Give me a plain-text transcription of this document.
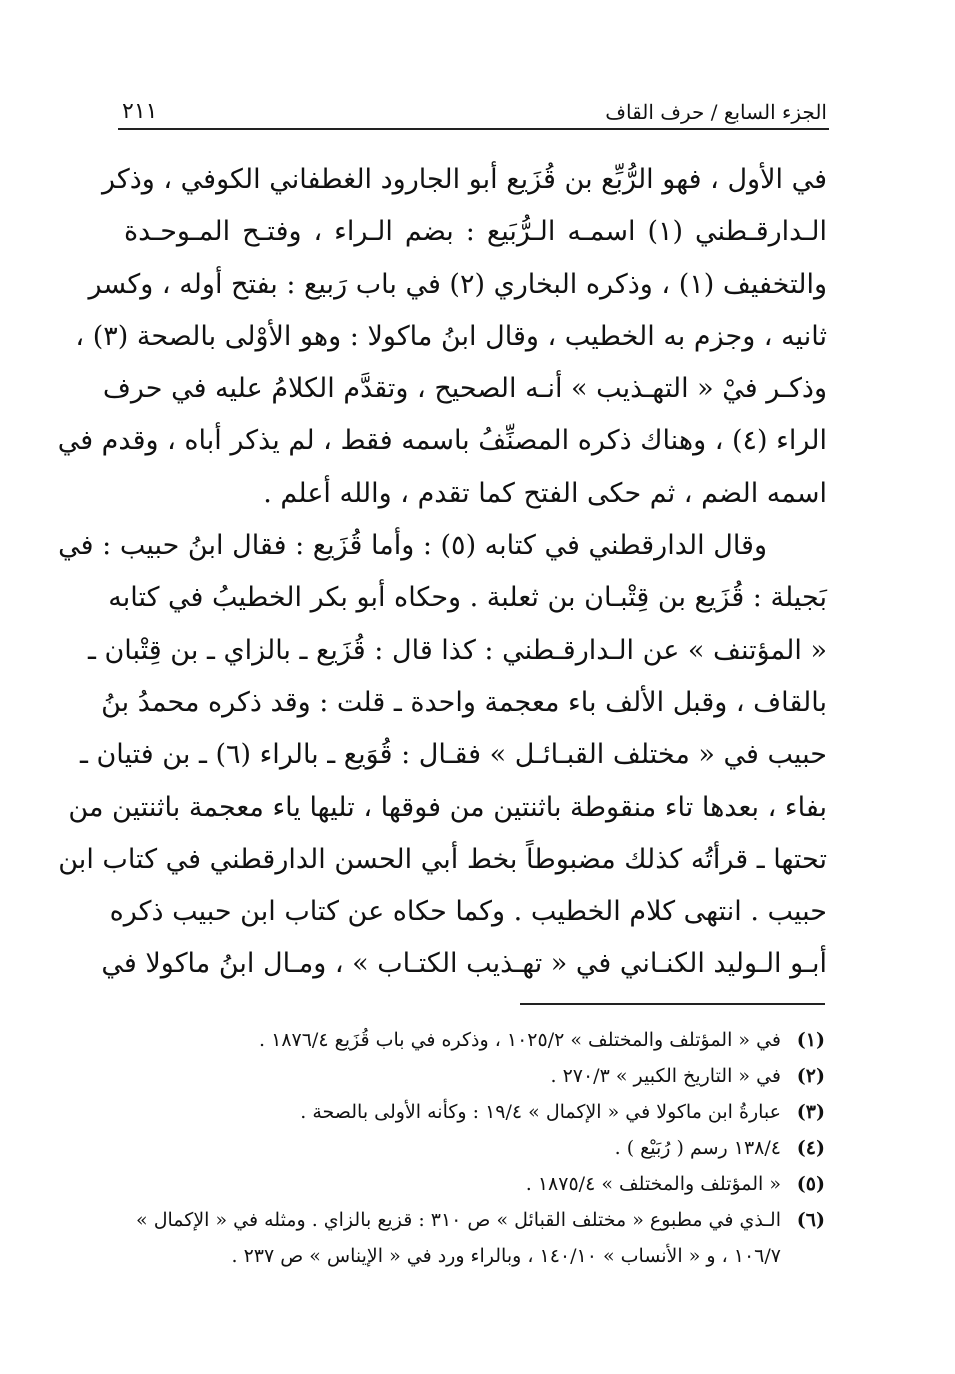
الجزء السابع / حرف القاف
٢١١
في الأول ، فهو الرُّبِّع بن قُزَيع أبو الجارود الغطفاني الكوفي ، وذكر
الـدارقـطني (١) اسمـه الـرُّبَيع : بضم الـراء ، وفتـح المـوحـدة
والتخفيف (١) ، وذكره البخاري (٢) في باب رَبيع : بفتح أوله ، وكسر
ثانيه ، وجزم به الخطيب ، وقال ابنُ ماكولا : وهو الأوْلى بالصحة (٣) ،
وذكـر فيْ « التهـذيب » أنـه الصحيح ، وتقدَّم الكلامُ عليه في حرف
الراء (٤) ، وهناك ذكره المصنِّفُ باسمه فقط ، لم يذكر أباه ، وقدم في
اسمه الضم ، ثم حكى الفتح كما تقدم ، والله أعلم .
وقال الدارقطني في كتابه (٥) : وأما قُزَيع : فقال ابنُ حبيب : في
بَجيلة : قُزَيع بن قِتْبـان بن ثعلبة . وحكاه أبو بكر الخطيبُ في كتابه
« المؤتنف » عن الـدارقـطني : كذا قال : قُزَيع ـ بالزاي ـ بن قِتْبان ـ
بالقاف ، وقبل الألف باء معجمة واحدة ـ قلت : وقد ذكره محمدُ بنُ
حبيب في « مختلف القبـائـل » فقـال : قُوَيع ـ بالراء (٦) ـ بن فتيان ـ
بفاء ، بعدها تاء منقوطة باثنتين من فوقها ، تليها ياء معجمة باثنتين من
تحتها ـ قرأتُه كذلك مضبوطاً بخط أبي الحسن الدارقطني في كتاب ابن
حبيب . انتهى كلام الخطيب . وكما حكاه عن كتاب ابن حبيب ذكره
أبـو الـوليد الكنـاني في « تهـذيب الكتـاب » ، ومـال ابنُ ماكولا في
(١)في « المؤتلف والمختلف » ١٠٢٥/٢ ، وذكره في باب قُزَيع ١٨٧٦/٤ .
(٢)في « التاريخ الكبير » ٢٧٠/٣ .
(٣)عبارةُ ابن ماكولا في « الإكمال » ١٩/٤ : وكأنه الأولى بالصحة .
(٤)١٣٨/٤ رسم ( رُبَيْع ) .
(٥)« المؤتلف والمختلف » ١٨٧٥/٤ .
(٦)الـذي في مطبوع « مختلف القبائل » ص ٣١٠ : قزيع بالزاي . ومثله في « الإكمال »
١٠٦/٧ ، و « الأنساب » ١٤٠/١٠ ، وبالراء ورد في « الإيناس » ص ٢٣٧ .
